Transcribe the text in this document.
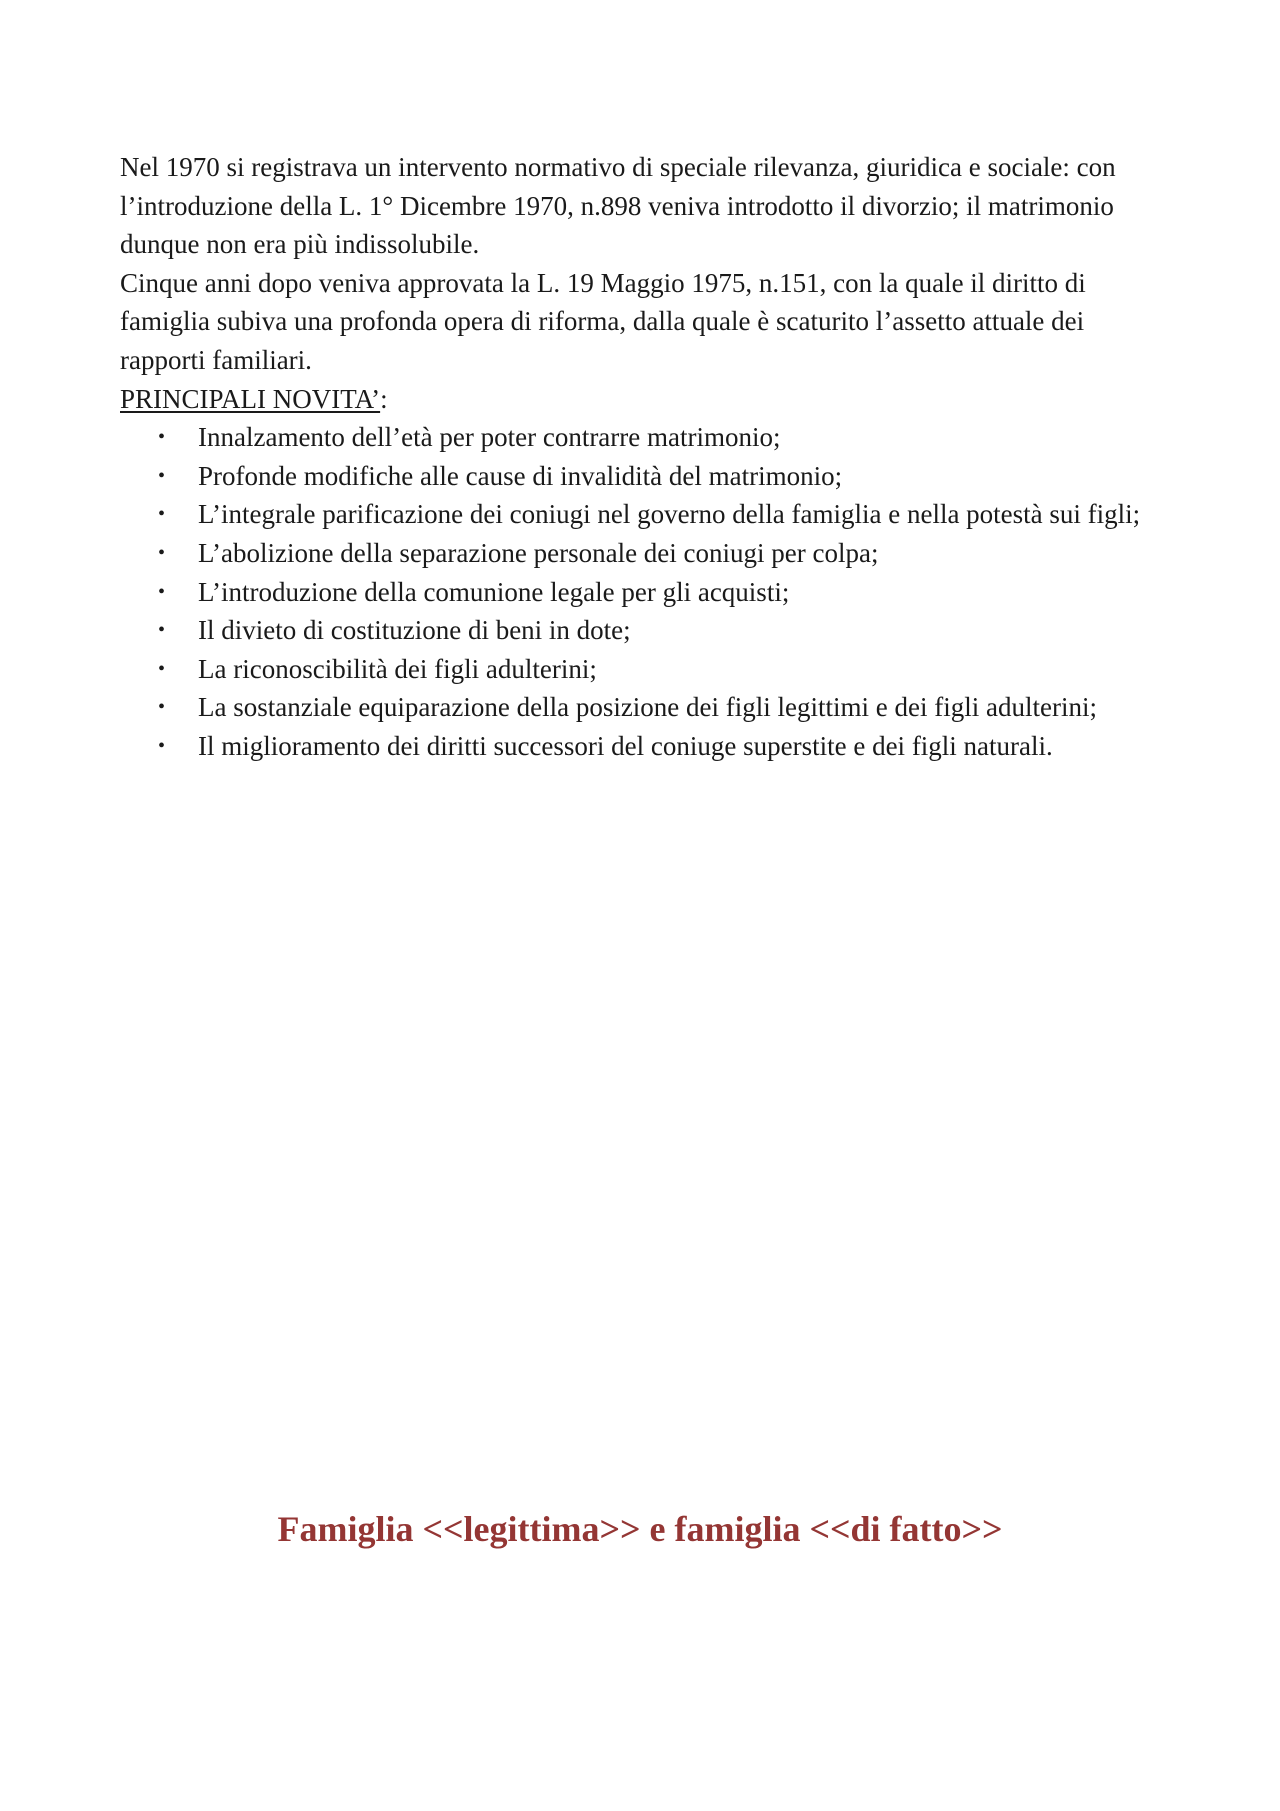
Nel 1970 si registrava un intervento normativo di speciale rilevanza, giuridica e sociale: con l’introduzione della L. 1° Dicembre 1970, n.898 veniva introdotto il divorzio; il matrimonio dunque non era più indissolubile.

Cinque anni dopo veniva approvata la L. 19 Maggio 1975, n.151, con la quale il diritto di famiglia subiva una profonda opera di riforma, dalla quale è scaturito l’assetto attuale dei rapporti familiari.

PRINCIPALI NOVITA’:

• Innalzamento dell’età per poter contrarre matrimonio;
• Profonde modifiche alle cause di invalidità del matrimonio;
• L’integrale parificazione dei coniugi nel governo della famiglia e nella potestà sui figli;
• L’abolizione della separazione personale dei coniugi per colpa;
• L’introduzione della comunione legale per gli acquisti;
• Il divieto di costituzione di beni in dote;
• La riconoscibilità dei figli adulterini;
• La sostanziale equiparazione della posizione dei figli legittimi e dei figli adulterini;
• Il miglioramento dei diritti successori del coniuge superstite e dei figli naturali.
Famiglia <<legittima>> e famiglia <<di fatto>>
